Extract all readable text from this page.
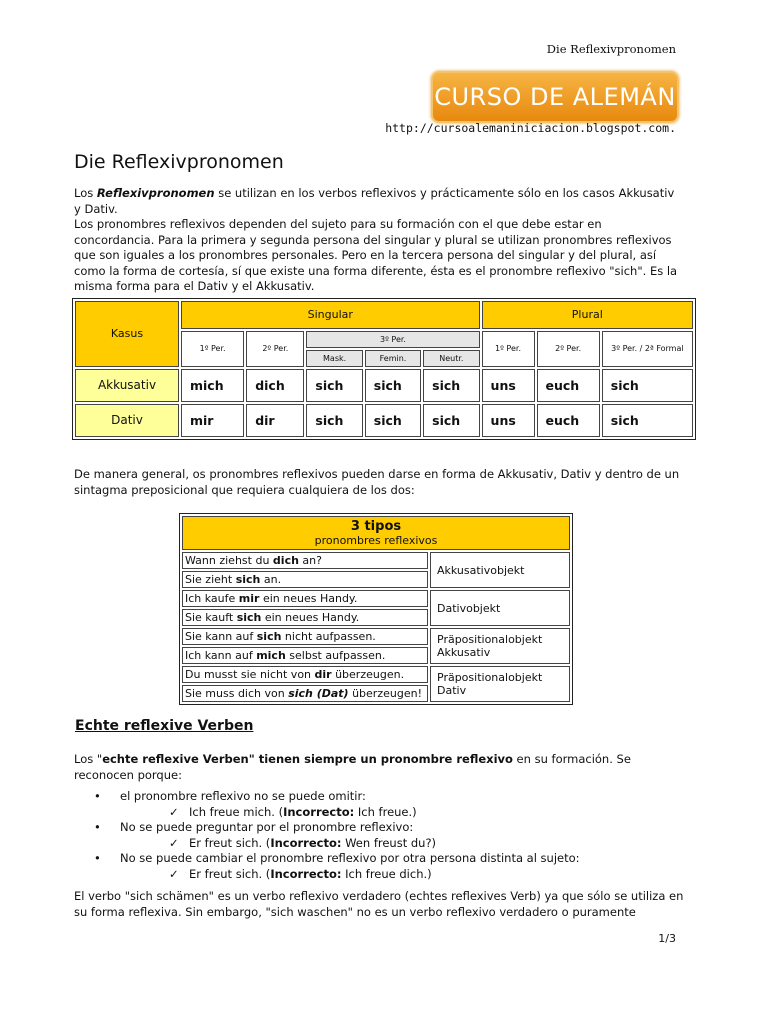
Die Reflexivpronomen
CURSO DE ALEMÁN
http://cursoalemaniniciacion.blogspot.com.
Die Reflexivpronomen

Los Reflexivpronomen se utilizan en los verbos reflexivos y prácticamente sólo en los casos Akkusativ y Dativ.

Los pronombres reflexivos dependen del sujeto para su formación con el que debe estar en concordancia. Para la primera y segunda persona del singular y plural se utilizan pronombres reflexivos que son iguales a los pronombres personales. Pero en la tercera persona del singular y del plural, así como la forma de cortesía, sí que existe una forma diferente, ésta es el pronombre reflexivo "sich". Es la misma forma para el Dativ y el Akkusativ.

Kasus	Singular					Plural		
	1º Per.	2º Per.	3º Per.			1º Per.	2º Per.	3º Per. / 2ª Formal
			Mask.	Femin.	Neutr.			
Akkusativ	mich	dich	sich	sich	sich	uns	euch	sich
Dativ	mir	dir	sich	sich	sich	uns	euch	sich
De manera general, os pronombres reflexivos pueden darse en forma de Akkusativ, Dativ y dentro de un sintagma preposicional que requiera cualquiera de los dos:
3 tipos
pronombres reflexivos	

Wann ziehst du dich an?	Akkusativobjekt
Sie zieht sich an.	
Ich kaufe mir ein neues Handy.	Dativobjekt
Sie kauft sich ein neues Handy.	
Sie kann auf sich nicht aufpassen.	Präpositionalobjekt Akkusativ
Ich kann auf mich selbst aufpassen.	
Du musst sie nicht von dir überzeugen.	Präpositionalobjekt Dativ
Sie muss dich von sich (Dat) überzeugen!	
Echte reflexive Verben
Los "echte reflexive Verben" tienen siempre un pronombre reflexivo en su formación. Se reconocen porque:
• el pronombre reflexivo no se puede omitir:
✓ Ich freue mich. (Incorrecto: Ich freue.)
• No se puede preguntar por el pronombre reflexivo:
✓ Er freut sich. (Incorrecto: Wen freust du?)
• No se puede cambiar el pronombre reflexivo por otra persona distinta al sujeto:
✓ Er freut sich. (Incorrecto: Ich freue dich.)
El verbo "sich schämen" es un verbo reflexivo verdadero (echtes reflexives Verb) ya que sólo se utiliza en su forma reflexiva. Sin embargo, "sich waschen" no es un verbo reflexivo verdadero o puramente
1/3
